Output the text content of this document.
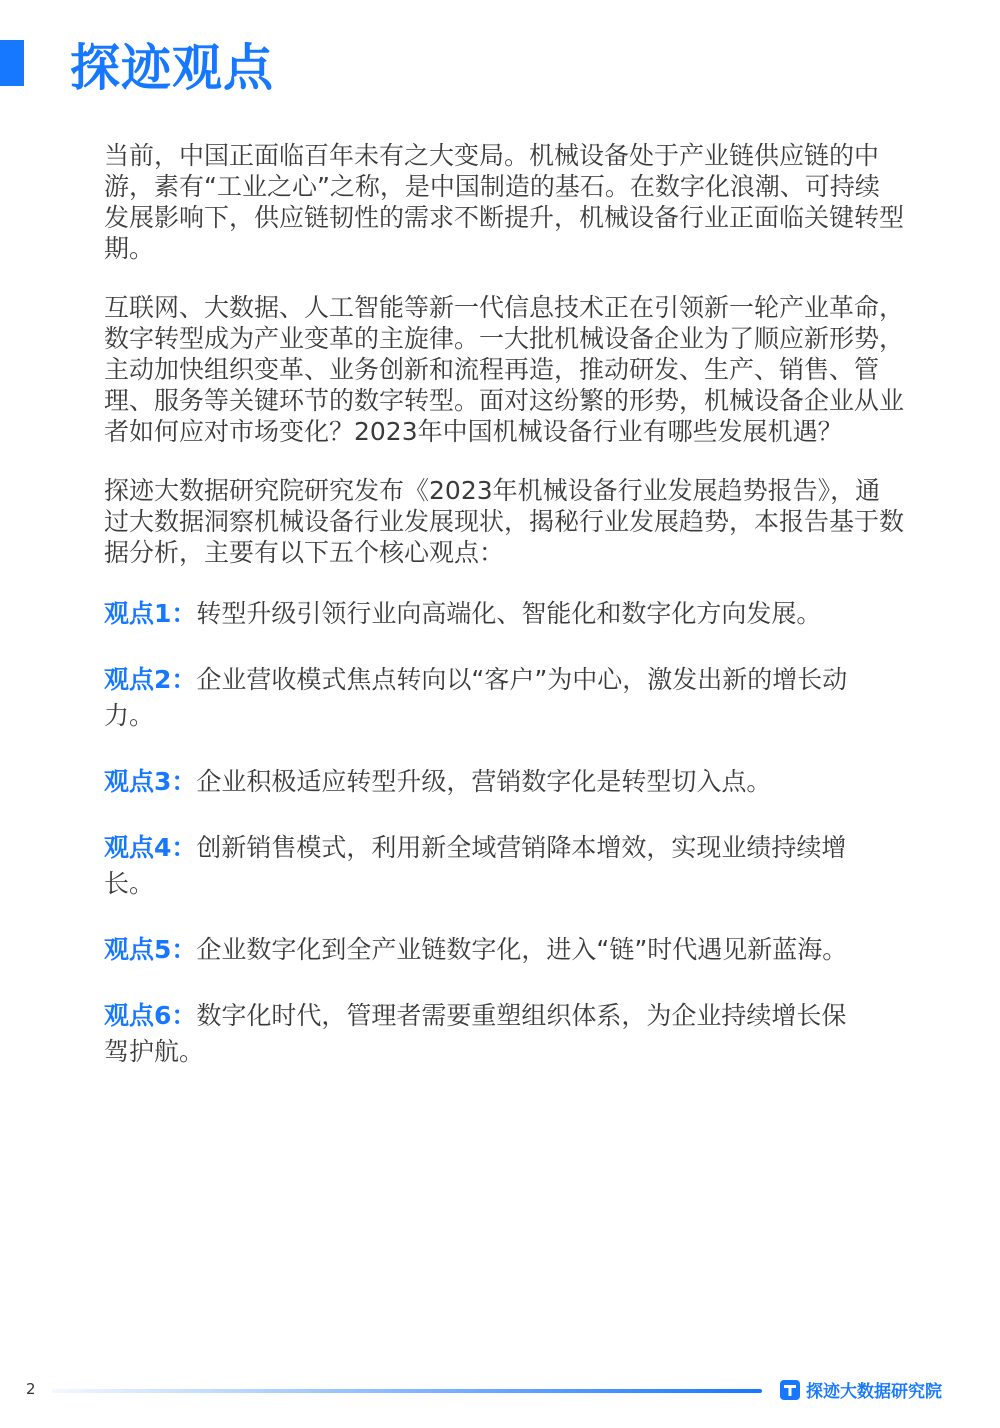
探迹观点

当前，中国正面临百年未有之大变局。机械设备处于产业链供应链的中游，素有“工业之心”之称，是中国制造的基石。在数字化浪潮、可持续发展影响下，供应链韧性的需求不断提升，机械设备行业正面临关键转型期。

互联网、大数据、人工智能等新一代信息技术正在引领新一轮产业革命，数字转型成为产业变革的主旋律。一大批机械设备企业为了顺应新形势，主动加快组织变革、业务创新和流程再造，推动研发、生产、销售、管理、服务等关键环节的数字转型。面对这纷繁的形势，机械设备企业从业者如何应对市场变化？2023年中国机械设备行业有哪些发展机遇？

探迹大数据研究院研究发布《2023年机械设备行业发展趋势报告》，通过大数据洞察机械设备行业发展现状，揭秘行业发展趋势，本报告基于数据分析，主要有以下五个核心观点：

观点1：转型升级引领行业向高端化、智能化和数字化方向发展。

观点2：企业营收模式焦点转向以“客户”为中心，激发出新的增长动力。

观点3：企业积极适应转型升级，营销数字化是转型切入点。

观点4：创新销售模式，利用新全域营销降本增效，实现业绩持续增长。

观点5：企业数字化到全产业链数字化，进入“链”时代遇见新蓝海。

观点6：数字化时代，管理者需要重塑组织体系，为企业持续增长保驾护航。

2	探迹大数据研究院
